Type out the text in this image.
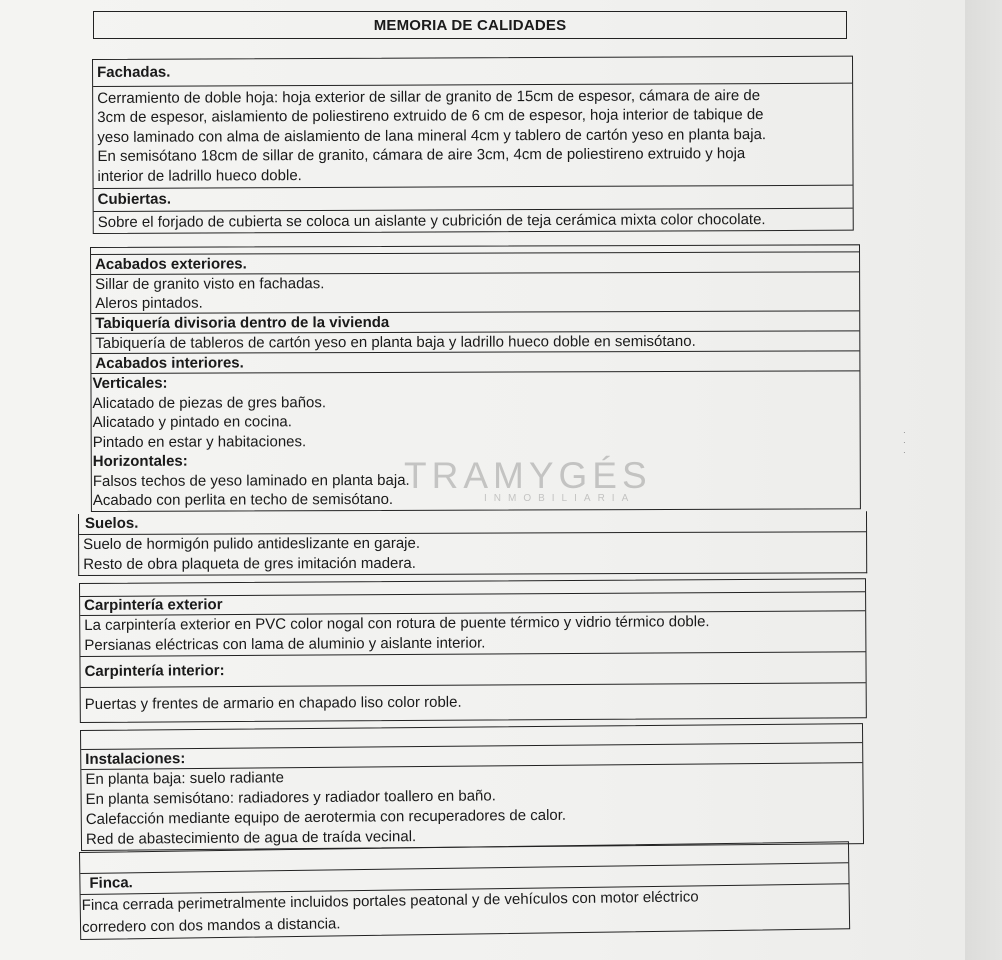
MEMORIA DE CALIDADES
Fachadas.
Cerramiento de doble hoja: hoja exterior de sillar de granito de 15cm de espesor, cámara de aire de
3cm de espesor, aislamiento de poliestireno extruido de 6 cm de espesor, hoja interior de tabique de
yeso laminado con alma de aislamiento de lana mineral 4cm y tablero de cartón yeso en planta baja.
En semisótano 18cm de sillar de granito, cámara de aire 3cm, 4cm de poliestireno extruido y hoja
interior de ladrillo hueco doble.
Cubiertas.
Sobre el forjado de cubierta se coloca un aislante y cubrición de teja cerámica mixta color chocolate.
Acabados exteriores.
Sillar de granito visto en fachadas.
Aleros pintados.
Tabiquería divisoria dentro de la vivienda
Tabiquería de tableros de cartón yeso en planta baja y ladrillo hueco doble en semisótano.
Acabados interiores.
Verticales:
Alicatado de piezas de gres baños.
Alicatado y pintado en cocina.
Pintado en estar y habitaciones.
Horizontales:
Falsos techos de yeso laminado en planta baja.
Acabado con perlita en techo de semisótano.
Suelos.
Suelo de hormigón pulido antideslizante en garaje.
Resto de obra plaqueta de gres imitación madera.
Carpintería exterior
La carpintería exterior en PVC color nogal con rotura de puente térmico y vidrio térmico doble.
Persianas eléctricas con lama de aluminio y aislante interior.
Carpintería interior:
Puertas y frentes de armario en chapado liso color roble.
Instalaciones:
En planta baja: suelo radiante
En planta semisótano: radiadores y radiador toallero en baño.
Calefacción mediante equipo de aerotermia con recuperadores de calor.
Red de abastecimiento de agua de traída vecinal.
Finca.
Finca cerrada perimetralmente incluidos portales peatonal y de vehículos con motor eléctrico
corredero con dos mandos a distancia.
TRAMYGÉS
INMOBILIARIA
·
·
·
